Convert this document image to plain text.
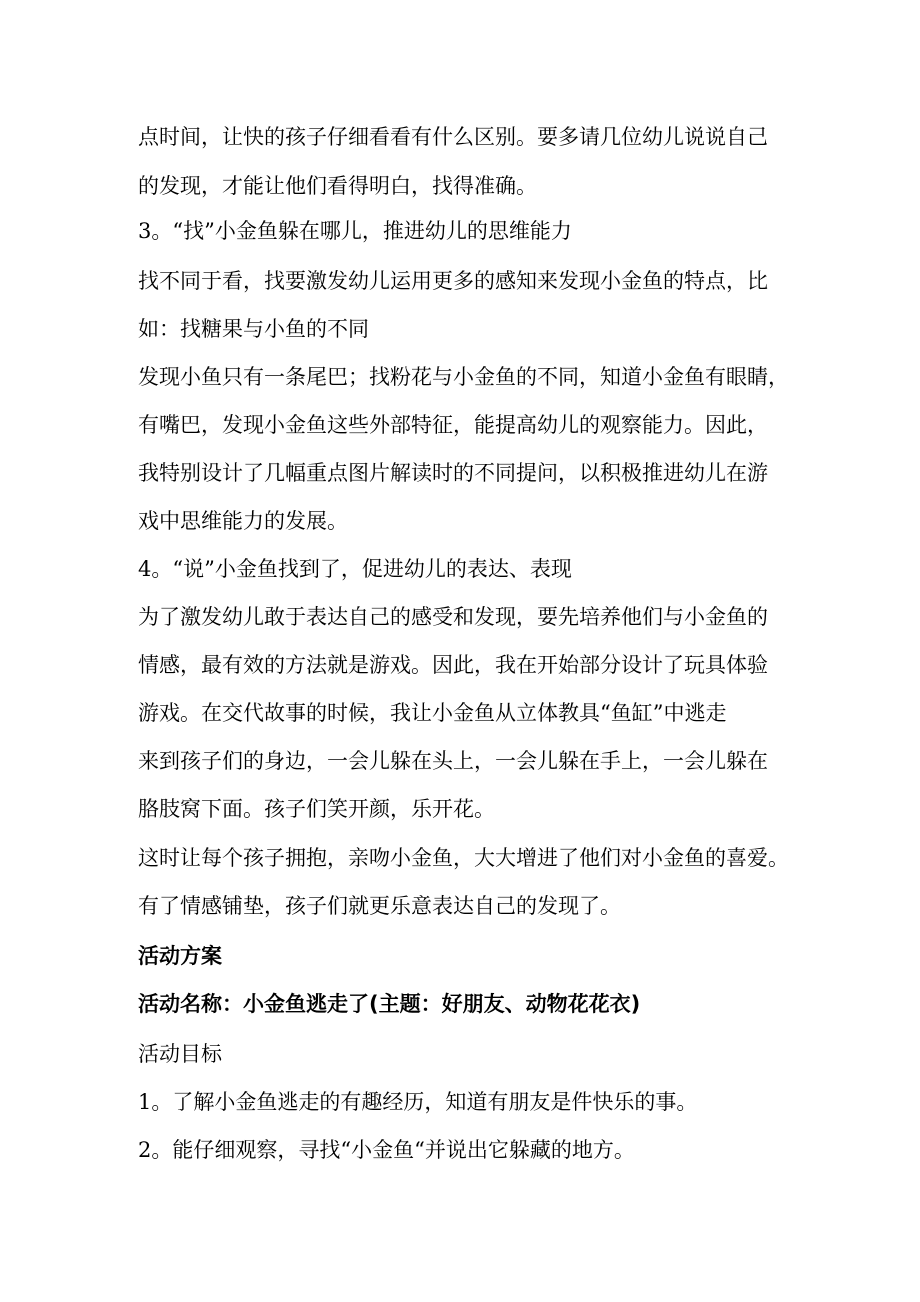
点时间，让快的孩子仔细看看有什么区别。要多请几位幼儿说说自己
的发现，才能让他们看得明白，找得准确。
3。“找”小金鱼躲在哪儿，推进幼儿的思维能力
找不同于看，找要激发幼儿运用更多的感知来发现小金鱼的特点，比
如：找糖果与小鱼的不同
发现小鱼只有一条尾巴；找粉花与小金鱼的不同，知道小金鱼有眼睛，
有嘴巴，发现小金鱼这些外部特征，能提高幼儿的观察能力。因此，
我特别设计了几幅重点图片解读时的不同提问，以积极推进幼儿在游
戏中思维能力的发展。
4。“说”小金鱼找到了，促进幼儿的表达、表现
为了激发幼儿敢于表达自己的感受和发现，要先培养他们与小金鱼的
情感，最有效的方法就是游戏。因此，我在开始部分设计了玩具体验
游戏。在交代故事的时候，我让小金鱼从立体教具“鱼缸”中逃走
来到孩子们的身边，一会儿躲在头上，一会儿躲在手上，一会儿躲在
胳肢窝下面。孩子们笑开颜，乐开花。
这时让每个孩子拥抱，亲吻小金鱼，大大增进了他们对小金鱼的喜爱。
有了情感铺垫，孩子们就更乐意表达自己的发现了。
活动方案
活动名称：小金鱼逃走了(主题：好朋友、动物花花衣)
活动目标
1。了解小金鱼逃走的有趣经历，知道有朋友是件快乐的事。
2。能仔细观察，寻找“小金鱼“并说出它躲藏的地方。
